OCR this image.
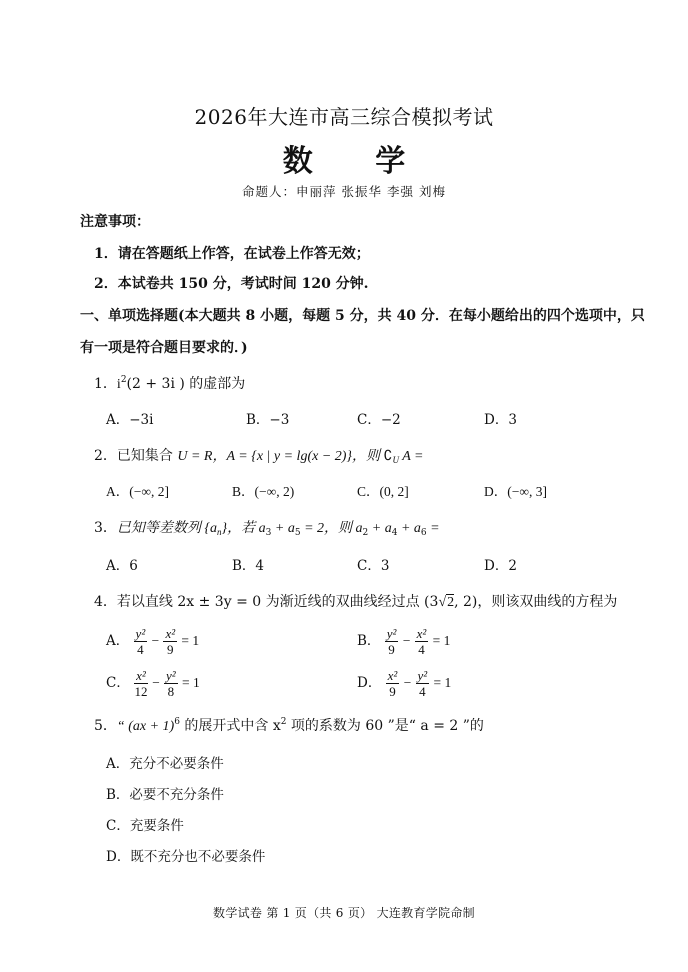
2026年大连市高三综合模拟考试
数 学
命题人：申丽萍 张振华 李强 刘梅
注意事项：
1．请在答题纸上作答，在试卷上作答无效；
2．本试卷共 150 分，考试时间 120 分钟.
一、单项选择题(本大题共 8 小题，每题 5 分，共 40 分．在每小题给出的四个选项中，只
有一项是符合题目要求的．)
1．$i^2(2 + 3i$ ) 的虚部为
A．−3i	B．−3	C．−2	D．3
2．已知集合 U = R，A = {x | y = lg(x − 2)}，则 $∁_U$ A =
A．(−∞, 2]	B．(−∞, 2)	C．(0, 2]	D．(−∞, 3]
3．已知等差数列 $\{a_n\}$，若 $a_3 + a_5 = 2$，则 $a_2 + a_4 + a_6$ =
A．6	B．4	C．3	D．2
4．若以直线 2x ± 3y = 0 为渐近线的双曲线经过点 (3√2, 2)，则该双曲线的方程为
A． $\frac{\text{y²}}{4} - \frac{\text{x²}}{9} = 1$	B． $\frac{\text{y²}}{9} - \frac{\text{x²}}{4} = 1$
C． $\frac{\text{x²}}{12} - \frac{\text{y²}}{8} = 1$	D． $\frac{\text{x²}}{9} - \frac{\text{y²}}{4} = 1$
5．“ (ax + 1)$^6$ 的展开式中含 $x^2$ 项的系数为 60 ”是“ a = 2 ”的
A．充分不必要条件
B．必要不充分条件
C．充要条件
D．既不充分也不必要条件
数学试卷 第 1 页（共 6 页） 大连教育学院命制
